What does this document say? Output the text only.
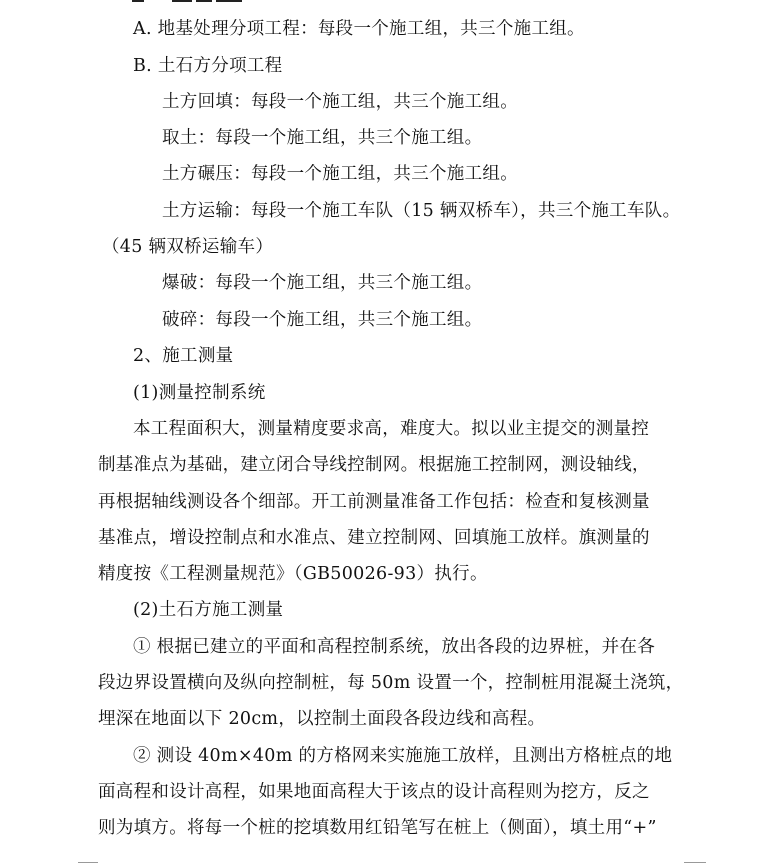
A. 地基处理分项工程：每段一个施工组，共三个施工组。
B. 土石方分项工程
土方回填：每段一个施工组，共三个施工组。
取土：每段一个施工组，共三个施工组。
土方碾压：每段一个施工组，共三个施工组。
土方运输：每段一个施工车队（15 辆双桥车），共三个施工车队。
（45 辆双桥运输车）
爆破：每段一个施工组，共三个施工组。
破碎：每段一个施工组，共三个施工组。
2、施工测量
(1)测量控制系统
本工程面积大，测量精度要求高，难度大。拟以业主提交的测量控
制基准点为基础，建立闭合导线控制网。根据施工控制网，测设轴线，
再根据轴线测设各个细部。开工前测量准备工作包括：检查和复核测量
基准点，增设控制点和水准点、建立控制网、回填施工放样。旗测量的
精度按《工程测量规范》（GB50026-93）执行。
(2)土石方施工测量
① 根据已建立的平面和高程控制系统，放出各段的边界桩，并在各
段边界设置横向及纵向控制桩，每 50m 设置一个，控制桩用混凝土浇筑，
埋深在地面以下 20cm，以控制土面段各段边线和高程。
② 测设 40m×40m 的方格网来实施施工放样，且测出方格桩点的地
面高程和设计高程，如果地面高程大于该点的设计高程则为挖方，反之
则为填方。将每一个桩的挖填数用红铅笔写在桩上（侧面），填土用“+”
